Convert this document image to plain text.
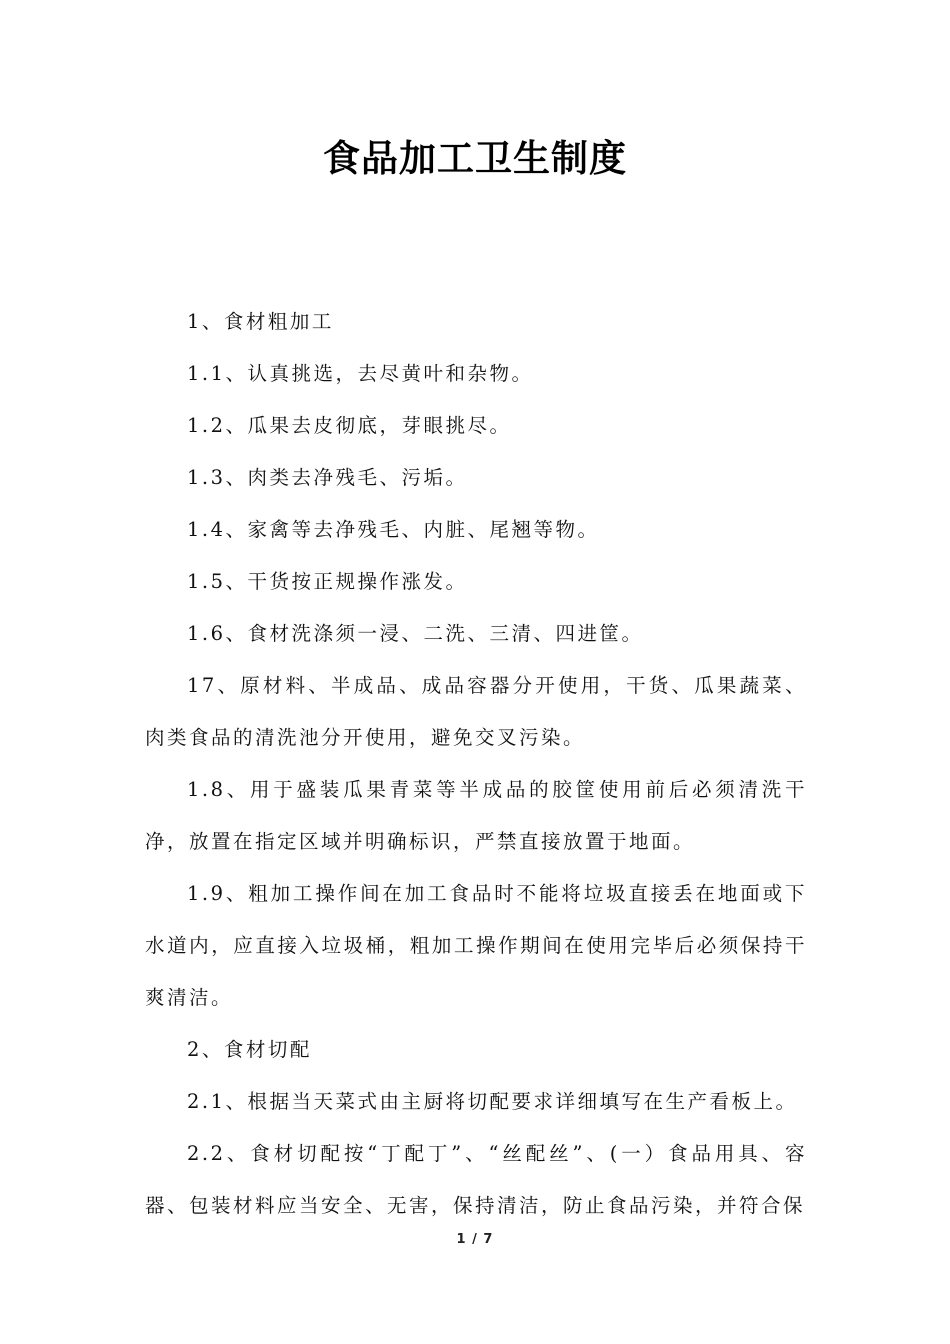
食品加工卫生制度

1、食材粗加工

1.1、认真挑选，去尽黄叶和杂物。

1.2、瓜果去皮彻底，芽眼挑尽。

1.3、肉类去净残毛、污垢。

1.4、家禽等去净残毛、内脏、尾翘等物。

1.5、干货按正规操作涨发。

1.6、食材洗涤须一浸、二洗、三清、四进筐。

17、原材料、半成品、成品容器分开使用，干货、瓜果蔬菜、肉类食品的清洗池分开使用，避免交叉污染。

1.8、用于盛装瓜果青菜等半成品的胶筐使用前后必须清洗干净，放置在指定区域并明确标识，严禁直接放置于地面。

1.9、粗加工操作间在加工食品时不能将垃圾直接丢在地面或下水道内，应直接入垃圾桶，粗加工操作期间在使用完毕后必须保持干爽清洁。

2、食材切配

2.1、根据当天菜式由主厨将切配要求详细填写在生产看板上。

2.2、食材切配按“丁配丁”、“丝配丝”、(一）食品用具、容器、包装材料应当安全、无害，保持清洁，防止食品污染，并符合保

1 / 7
